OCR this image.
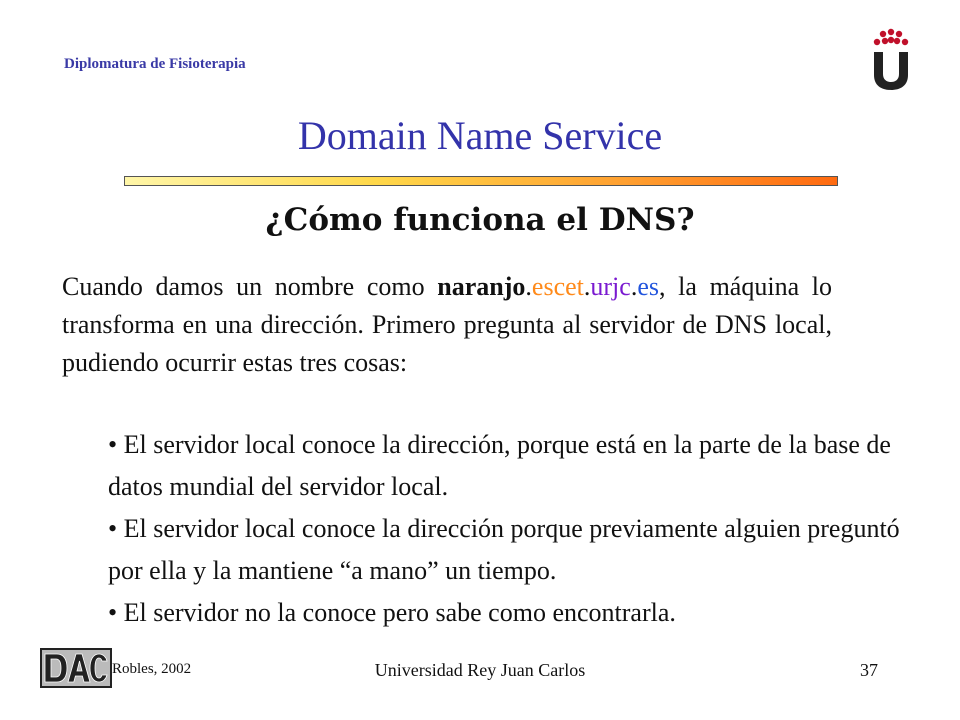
Diplomatura de Fisioterapia
Domain Name Service
¿Cómo funciona el DNS?

Cuando damos un nombre como naranjo.escet.urjc.es, la máquina lo transforma en una dirección. Primero pregunta al servidor de DNS local, pudiendo ocurrir estas tres cosas:

• El servidor local conoce la dirección, porque está en la parte de la base de datos mundial del servidor local.

• El servidor local conoce la dirección porque previamente alguien preguntó por ella y la mantiene “a mano” un tiempo.

• El servidor no la conoce pero sabe como encontrarla.

Robles, 2002	Universidad Rey Juan Carlos	37
